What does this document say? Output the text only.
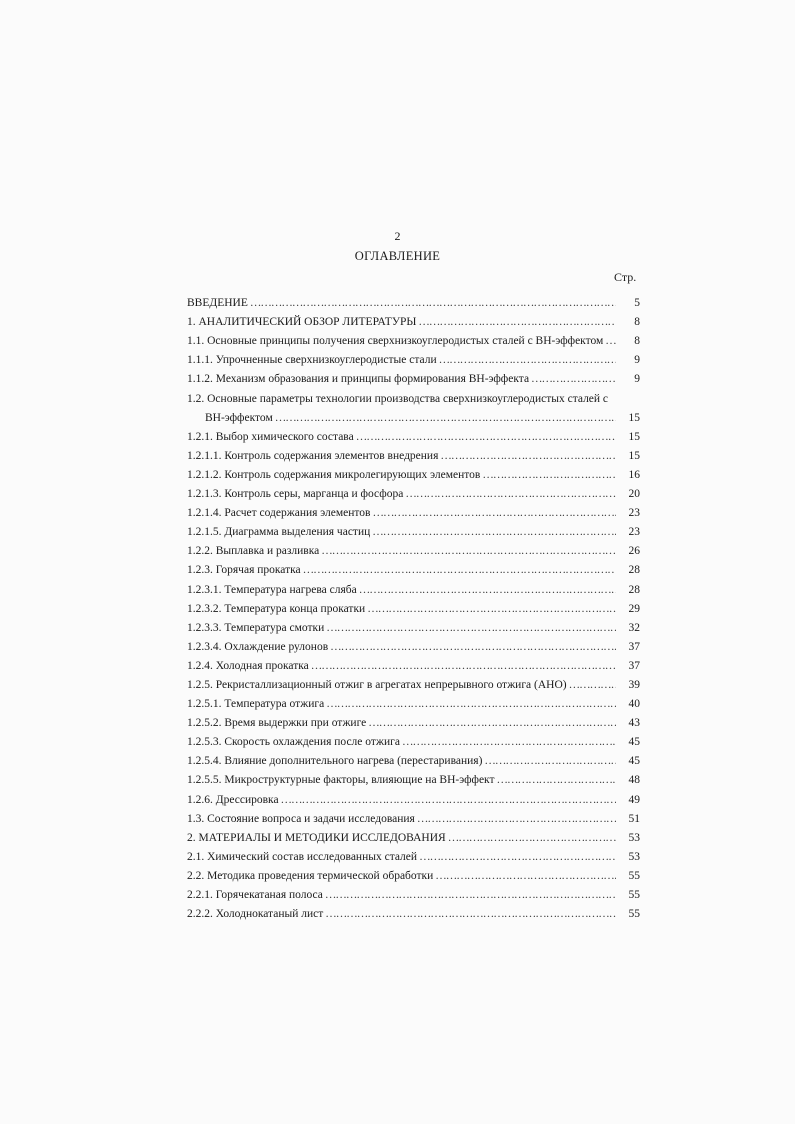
2
ОГЛАВЛЕНИЕ
Стр.
ВВЕДЕНИЕ ………………………………………………………………………………………………………………………………………………………………………………………	5
1. АНАЛИТИЧЕСКИЙ ОБЗОР ЛИТЕРАТУРЫ ………………………………………………………………………………………………………………………………………………………………………………………	8
1.1. Основные принципы получения сверхнизкоуглеродистых сталей с ВН-эффектом ………………………………………………………………………………………………………………………………………………………………………………………	8
1.1.1. Упрочненные сверхнизкоуглеродистые стали ………………………………………………………………………………………………………………………………………………………………………………………	9
1.1.2. Механизм образования и принципы формирования ВН-эффекта ………………………………………………………………………………………………………………………………………………………………………………………	9
1.2. Основные параметры технологии производства сверхнизкоуглеродистых сталей с
ВН-эффектом ………………………………………………………………………………………………………………………………………………………………………………………	15
1.2.1. Выбор химического состава ………………………………………………………………………………………………………………………………………………………………………………………	15
1.2.1.1. Контроль содержания элементов внедрения ………………………………………………………………………………………………………………………………………………………………………………………	15
1.2.1.2. Контроль содержания микролегирующих элементов ………………………………………………………………………………………………………………………………………………………………………………………	16
1.2.1.3. Контроль серы, марганца и фосфора ………………………………………………………………………………………………………………………………………………………………………………………	20
1.2.1.4. Расчет содержания элементов ………………………………………………………………………………………………………………………………………………………………………………………	23
1.2.1.5. Диаграмма выделения частиц ………………………………………………………………………………………………………………………………………………………………………………………	23
1.2.2. Выплавка и разливка ………………………………………………………………………………………………………………………………………………………………………………………	26
1.2.3. Горячая прокатка ………………………………………………………………………………………………………………………………………………………………………………………	28
1.2.3.1. Температура нагрева сляба ………………………………………………………………………………………………………………………………………………………………………………………	28
1.2.3.2. Температура конца прокатки ………………………………………………………………………………………………………………………………………………………………………………………	29
1.2.3.3. Температура смотки ………………………………………………………………………………………………………………………………………………………………………………………	32
1.2.3.4. Охлаждение рулонов ………………………………………………………………………………………………………………………………………………………………………………………	37
1.2.4. Холодная прокатка ………………………………………………………………………………………………………………………………………………………………………………………	37
1.2.5. Рекристаллизационный отжиг в агрегатах непрерывного отжига (АНО) ………………………………………………………………………………………………………………………………………………………………………………………	39
1.2.5.1. Температура отжига ………………………………………………………………………………………………………………………………………………………………………………………	40
1.2.5.2. Время выдержки при отжиге ………………………………………………………………………………………………………………………………………………………………………………………	43
1.2.5.3. Скорость охлаждения после отжига ………………………………………………………………………………………………………………………………………………………………………………………	45
1.2.5.4. Влияние дополнительного нагрева (перестаривания) ………………………………………………………………………………………………………………………………………………………………………………………	45
1.2.5.5. Микроструктурные факторы, влияющие на ВН-эффект ………………………………………………………………………………………………………………………………………………………………………………………	48
1.2.6. Дрессировка ………………………………………………………………………………………………………………………………………………………………………………………	49
1.3. Состояние вопроса и задачи исследования ………………………………………………………………………………………………………………………………………………………………………………………	51
2. МАТЕРИАЛЫ И МЕТОДИКИ ИССЛЕДОВАНИЯ ………………………………………………………………………………………………………………………………………………………………………………………	53
2.1. Химический состав исследованных сталей ………………………………………………………………………………………………………………………………………………………………………………………	53
2.2. Методика проведения термической обработки ………………………………………………………………………………………………………………………………………………………………………………………	55
2.2.1. Горячекатаная полоса ………………………………………………………………………………………………………………………………………………………………………………………	55
2.2.2. Холоднокатаный лист ………………………………………………………………………………………………………………………………………………………………………………………	55
